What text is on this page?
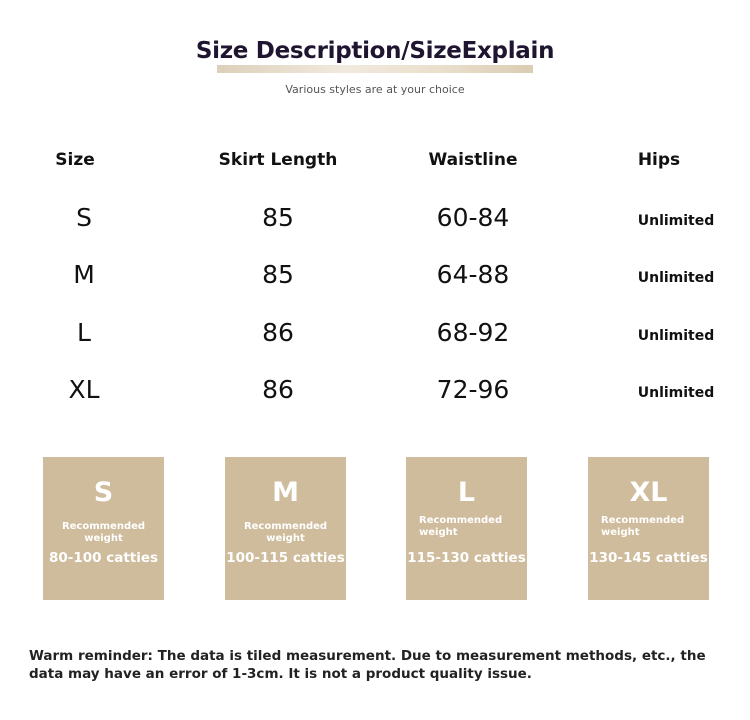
Size Description/SizeExplain
Various styles are at your choice
Size	Skirt Length	Waistline	Hips
S	85	60-84	Unlimited
M	85	64-88	Unlimited
L	86	68-92	Unlimited
XL	86	72-96	Unlimited
S
Recommended weight
80-100 catties
M
Recommended weight
100-115 catties
L
Recommended weight
115-130 catties
XL
Recommended weight
130-145 catties
Warm reminder: The data is tiled measurement. Due to measurement methods, etc., the data may have an error of 1-3cm. It is not a product quality issue.
